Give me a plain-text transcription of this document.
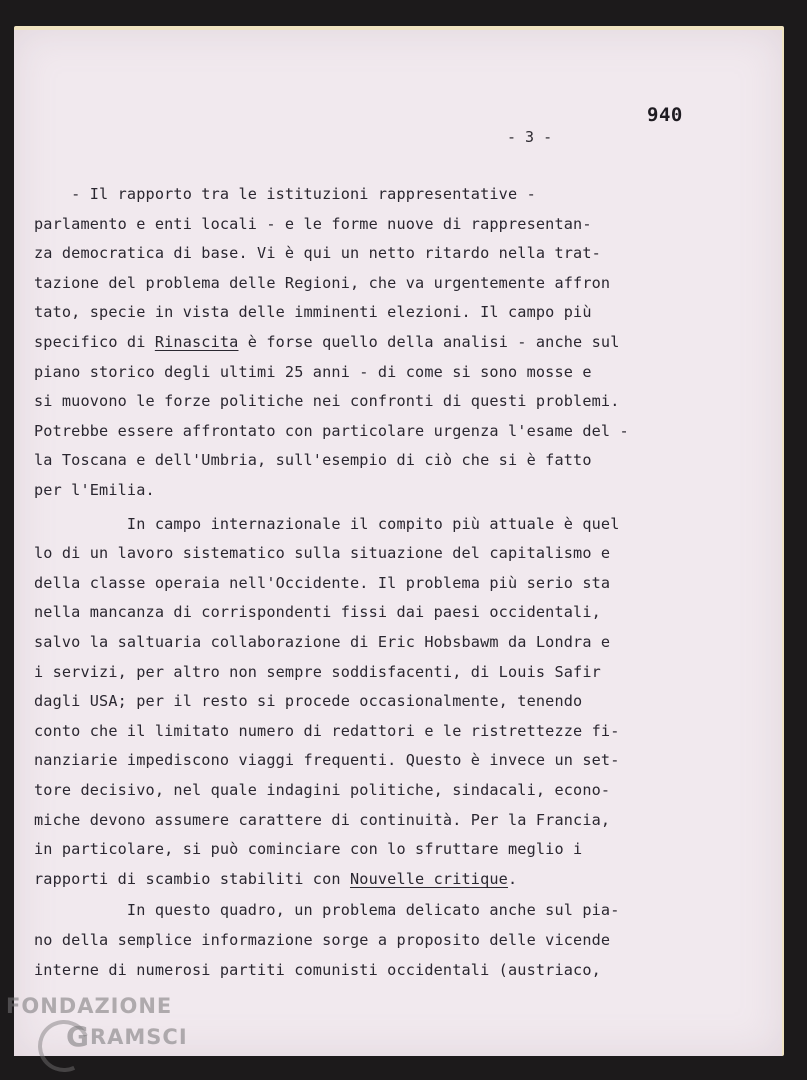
940
- 3 -
- Il rapporto tra le istituzioni rappresentative -
parlamento e enti locali - e le forme nuove di rappresentan-
za democratica di base. Vi è qui un netto ritardo nella trat-
tazione del problema delle Regioni, che va urgentemente affron
tato, specie in vista delle imminenti elezioni. Il campo più
specifico di Rinascita è forse quello della analisi - anche sul
piano storico degli ultimi 25 anni - di come si sono mosse e
si muovono le forze politiche nei confronti di questi problemi.
Potrebbe essere affrontato con particolare urgenza l'esame del -
la Toscana e dell'Umbria, sull'esempio di ciò che si è fatto
per l'Emilia.
In campo internazionale il compito più attuale è quel
lo di un lavoro sistematico sulla situazione del capitalismo e
della classe operaia nell'Occidente. Il problema più serio sta
nella mancanza di corrispondenti fissi dai paesi occidentali,
salvo la saltuaria collaborazione di Eric Hobsbawm da Londra e
i servizi, per altro non sempre soddisfacenti, di Louis Safir
dagli USA; per il resto si procede occasionalmente, tenendo
conto che il limitato numero di redattori e le ristrettezze fi-
nanziarie impediscono viaggi frequenti. Questo è invece un set-
tore decisivo, nel quale indagini politiche, sindacali, econo-
miche devono assumere carattere di continuità. Per la Francia,
in particolare, si può cominciare con lo sfruttare meglio i
rapporti di scambio stabiliti con Nouvelle critique.
In questo quadro, un problema delicato anche sul pia-
no della semplice informazione sorge a proposito delle vicende
interne di numerosi partiti comunisti occidentali (austriaco,
FONDAZIONE
GRAMSCI
